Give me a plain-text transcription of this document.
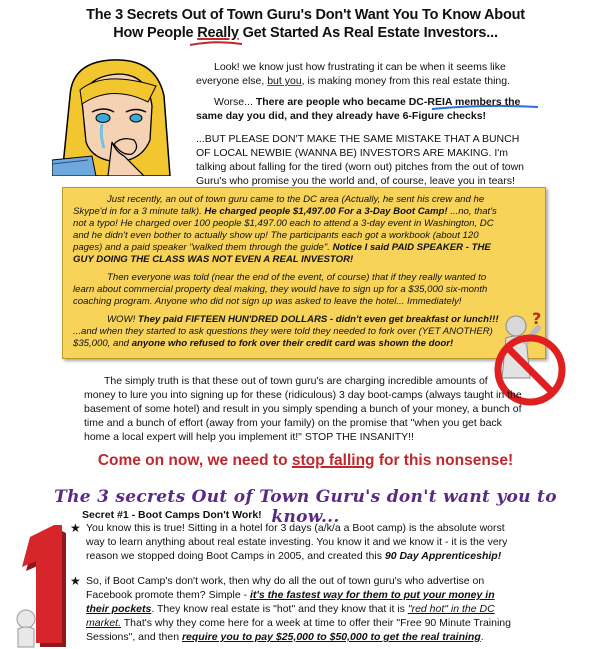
The 3 Secrets Out of Town Guru's Don't Want You To Know About
How People Really Get Started As Real Estate Investors...
Look! we know just how frustrating it can be when it seems like
everyone else, but you, is making money from this real estate thing.
Worse... There are people who became DC-REIA members the
same day you did, and they already have 6-Figure checks!
...BUT PLEASE DON'T MAKE THE SAME MISTAKE THAT A BUNCH
OF LOCAL NEWBIE (WANNA BE) INVESTORS ARE MAKING. I'm
talking about falling for the tired (worn out) pitches from the out of town
Guru's who promise you the world and, of course, leave you in tears!
Just recently, an out of town guru came to the DC area (Actually, he sent his crew and he
Skype'd in for a 3 minute talk). He charged people $1,497.00 For a 3-Day Boot Camp! ...no, that's
not a typo! He charged over 100 people $1,497.00 each to attend a 3-day event in Washington, DC
and he didn't even bother to actually show up! The participants each got a workbook (about 120
pages) and a paid speaker "walked them through the guide". Notice I said PAID SPEAKER - THE
GUY DOING THE CLASS WAS NOT EVEN A REAL INVESTOR!
Then everyone was told (near the end of the event, of course) that if they really wanted to
learn about commercial property deal making, they would have to sign up for a $35,000 six-month
coaching program. Anyone who did not sign up was asked to leave the hotel... Immediately!
WOW! They paid FIFTEEN HUN'DRED DOLLARS - didn't even get breakfast or lunch!!!
...and when they started to ask questions they were told they needed to fork over (YET ANOTHER)
$35,000, and anyone who refused to fork over their credit card was shown the door!
?
The simply truth is that these out of town guru's are charging incredible amounts of
money to lure you into signing up for these (ridiculous) 3 day boot-camps (always taught in the
basement of some hotel) and result in you simply spending a bunch of your money, a bunch of
time and a bunch of effort (away from your family) on the promise that "when you get back
home a local expert will help you implement it!" STOP THE INSANITY!!
Come on now, we need to stop falling for this nonsense!
The 3 secrets Out of Town Guru's don't want you to know...
1	Secret #1 - Boot Camps Don't Work!
★ You know this is true! Sitting in a hotel for 3 days (a/k/a a Boot camp) is the absolute worst
way to learn anything about real estate investing. You know it and we know it - it is the very
reason we stopped doing Boot Camps in 2005, and created this 90 Day Apprenticeship!
★ So, if Boot Camp's don't work, then why do all the out of town guru's who advertise on
Facebook promote them? Simple - it's the fastest way for them to put your money in
their pockets. They know real estate is "hot" and they know that it is "red hot" in the DC
market. That's why they come here for a week at time to offer their "Free 90 Minute Training
Sessions", and then require you to pay $25,000 to $50,000 to get the real training.
